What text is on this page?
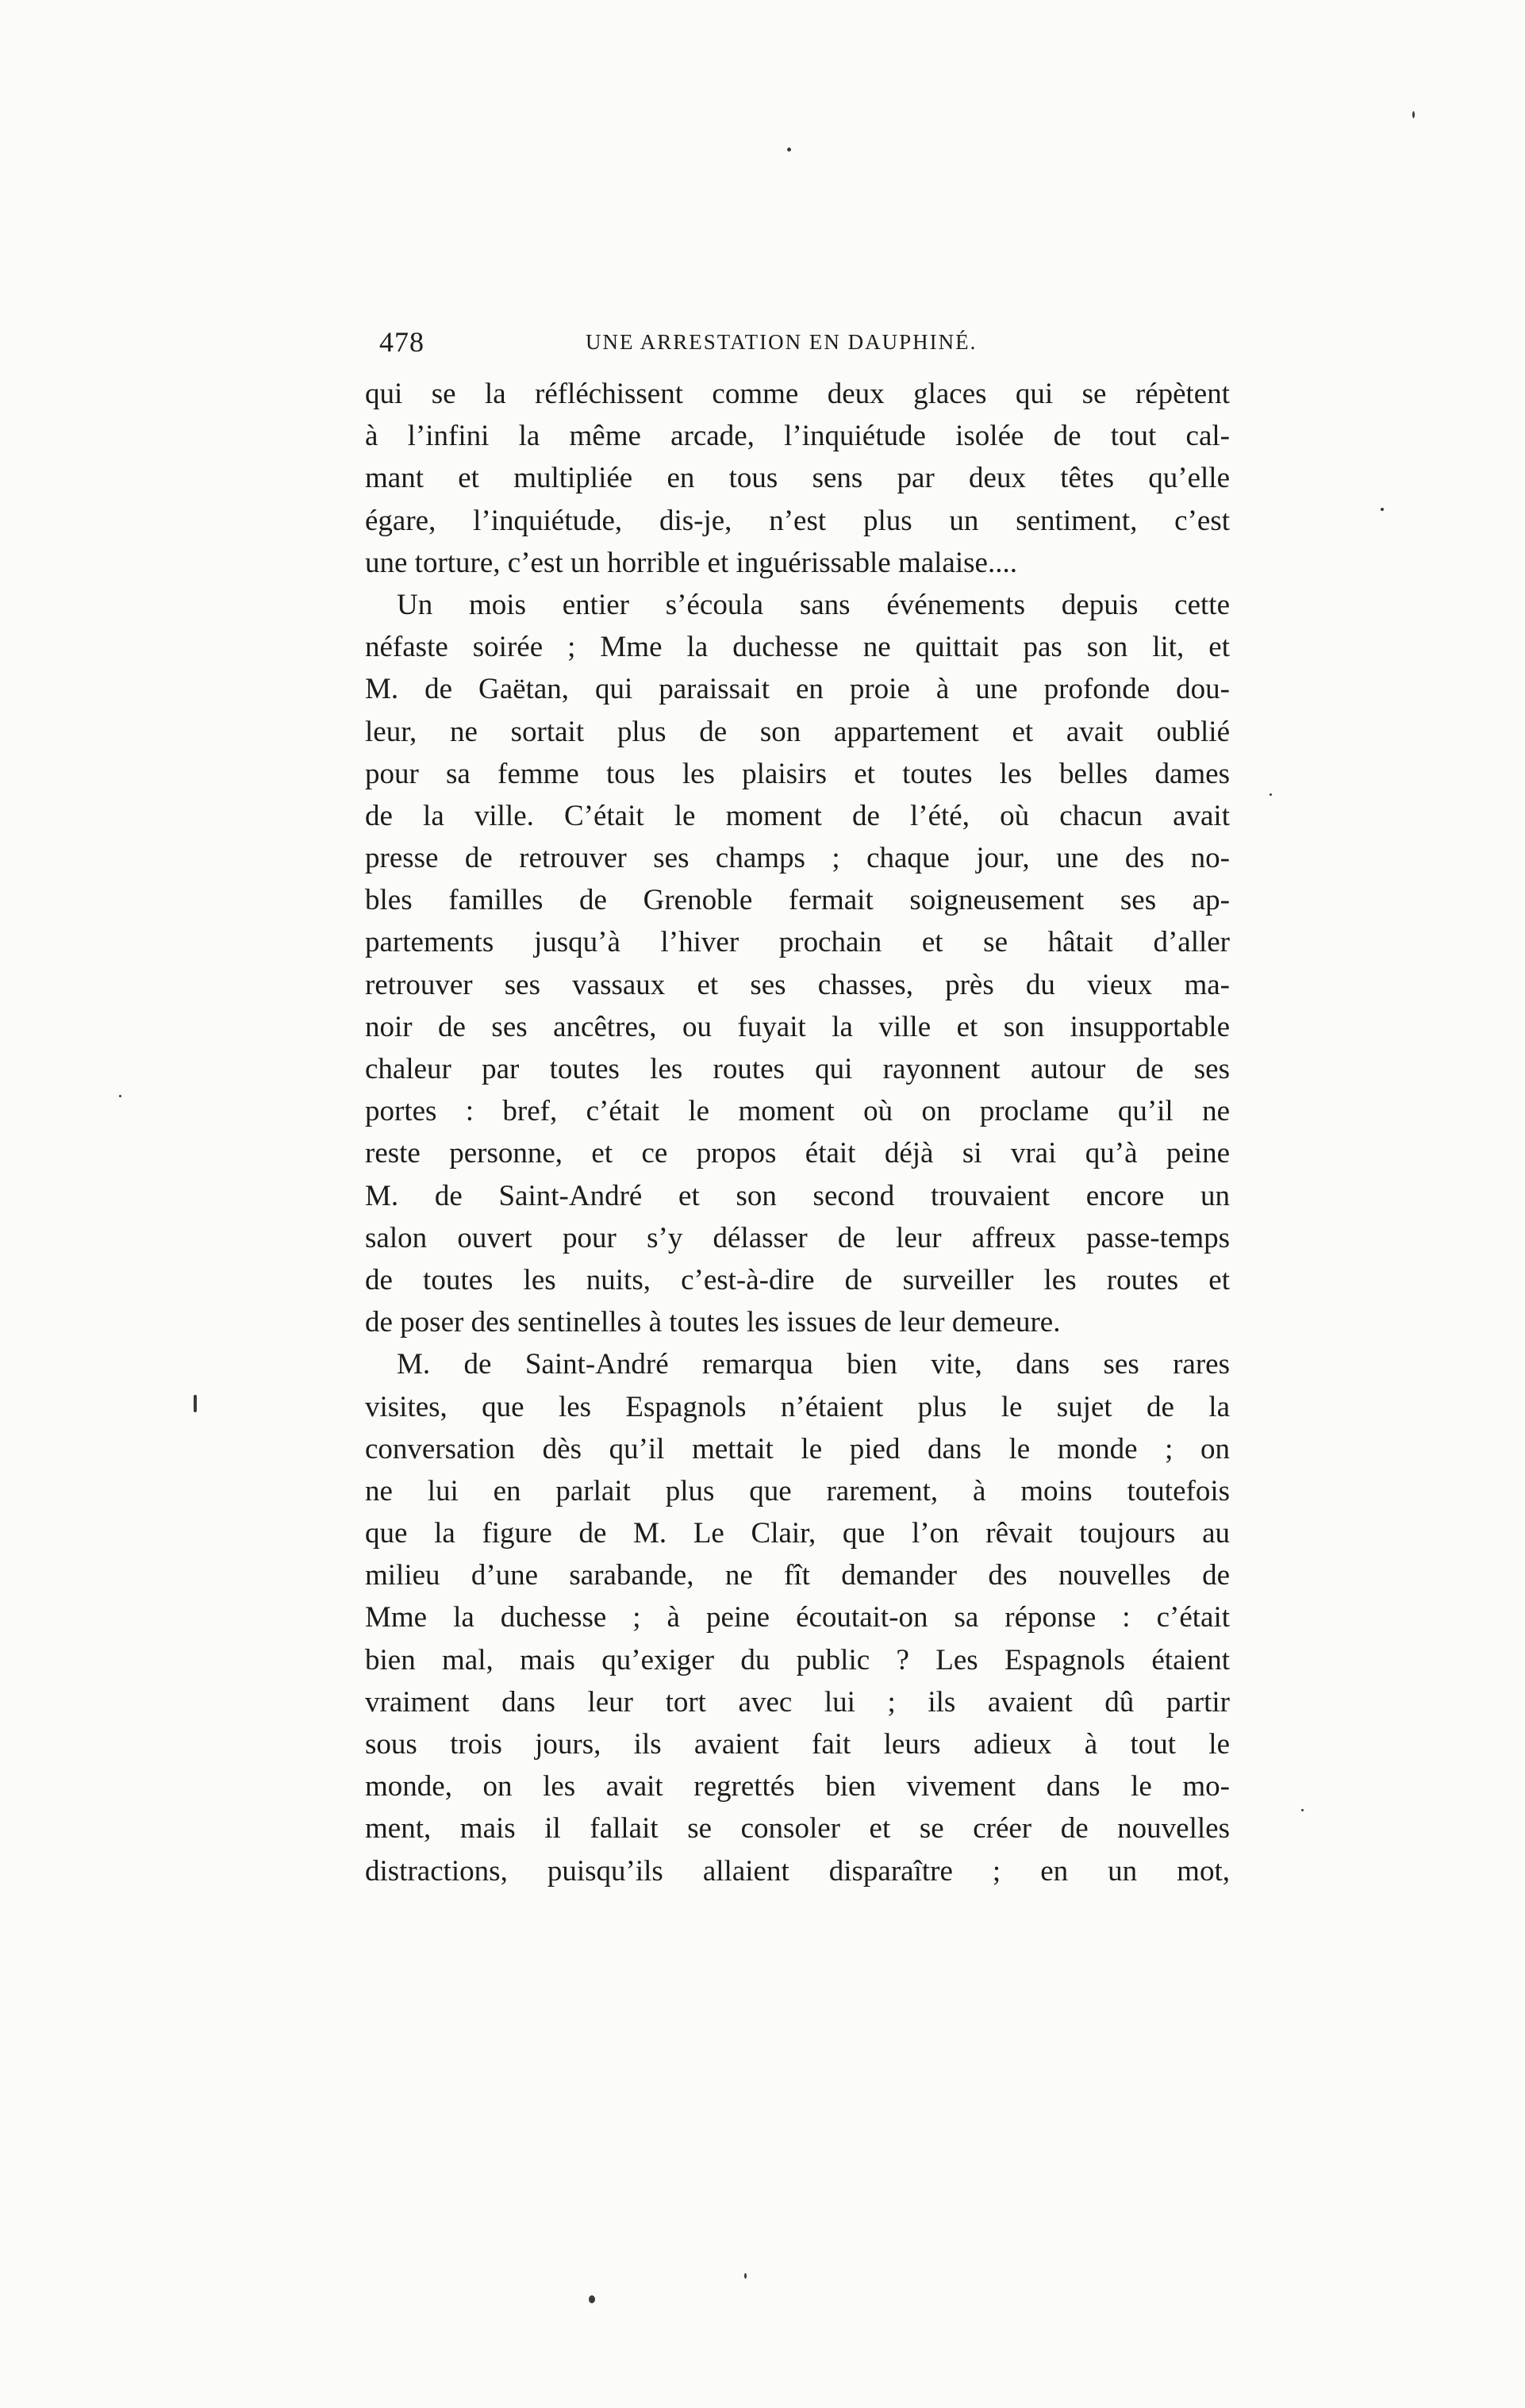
478	UNE ARRESTATION EN DAUPHINÉ.
qui se la réfléchissent comme deux glaces qui se répètent
à l’infini la même arcade, l’inquiétude isolée de tout cal-
mant et multipliée en tous sens par deux têtes qu’elle
égare, l’inquiétude, dis-je, n’est plus un sentiment, c’est
une torture, c’est un horrible et inguérissable malaise....
Un mois entier s’écoula sans événements depuis cette
néfaste soirée ; Mme la duchesse ne quittait pas son lit, et
M. de Gaëtan, qui paraissait en proie à une profonde dou-
leur, ne sortait plus de son appartement et avait oublié
pour sa femme tous les plaisirs et toutes les belles dames
de la ville. C’était le moment de l’été, où chacun avait
presse de retrouver ses champs ; chaque jour, une des no-
bles familles de Grenoble fermait soigneusement ses ap-
partements jusqu’à l’hiver prochain et se hâtait d’aller
retrouver ses vassaux et ses chasses, près du vieux ma-
noir de ses ancêtres, ou fuyait la ville et son insupportable
chaleur par toutes les routes qui rayonnent autour de ses
portes : bref, c’était le moment où on proclame qu’il ne
reste personne, et ce propos était déjà si vrai qu’à peine
M. de Saint-André et son second trouvaient encore un
salon ouvert pour s’y délasser de leur affreux passe-temps
de toutes les nuits, c’est-à-dire de surveiller les routes et
de poser des sentinelles à toutes les issues de leur demeure.
M. de Saint-André remarqua bien vite, dans ses rares
visites, que les Espagnols n’étaient plus le sujet de la
conversation dès qu’il mettait le pied dans le monde ; on
ne lui en parlait plus que rarement, à moins toutefois
que la figure de M. Le Clair, que l’on rêvait toujours au
milieu d’une sarabande, ne fît demander des nouvelles de
Mme la duchesse ; à peine écoutait-on sa réponse : c’était
bien mal, mais qu’exiger du public ? Les Espagnols étaient
vraiment dans leur tort avec lui ; ils avaient dû partir
sous trois jours, ils avaient fait leurs adieux à tout le
monde, on les avait regrettés bien vivement dans le mo-
ment, mais il fallait se consoler et se créer de nouvelles
distractions, puisqu’ils allaient disparaître ; en un mot,
